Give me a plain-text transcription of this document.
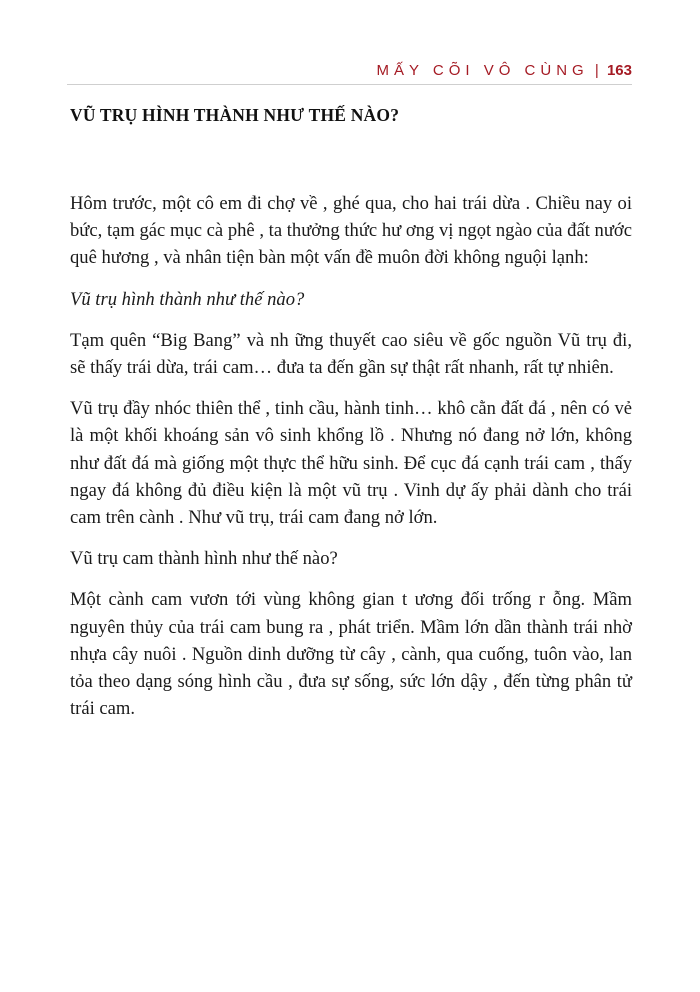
MẤY CÕI VÔ CÙNG | 163
VŨ TRỤ HÌNH THÀNH NHƯ THẾ NÀO?

Hôm trước, một cô em đi chợ về , ghé qua, cho hai trái dừa . Chiều nay oi bức, tạm gác mục cà phê , ta thưởng thức hư ơng vị ngọt ngào của đất nước quê hương , và nhân tiện bàn một vấn đề muôn đời không nguội lạnh:

Vũ trụ hình thành như thế nào?

Tạm quên “Big Bang” và nh ững thuyết cao siêu về gốc nguồn Vũ trụ đi, sẽ thấy trái dừa, trái cam… đưa ta đến gần sự thật rất nhanh, rất tự nhiên.

Vũ trụ đầy nhóc thiên thể , tinh cầu, hành tinh… khô cằn đất đá , nên có vẻ là một khối khoáng sản vô sinh khổng lồ . Nhưng nó đang nở lớn, không như đất đá mà giống một thực thể hữu sinh. Để cục đá cạnh trái cam , thấy ngay đá không đủ điều kiện là một vũ trụ . Vinh dự ấy phải dành cho trái cam trên cành . Như vũ trụ, trái cam đang nở lớn.

Vũ trụ cam thành hình như thế nào?

Một cành cam vươn tới vùng không gian t ương đối trống r ỗng. Mầm nguyên thủy của trái cam bung ra , phát triển. Mầm lớn dần thành trái nhờ nhựa cây nuôi . Nguồn dinh dưỡng từ cây , cành, qua cuống, tuôn vào, lan tỏa theo dạng sóng hình cầu , đưa sự sống, sức lớn dậy , đến từng phân tử trái cam.
